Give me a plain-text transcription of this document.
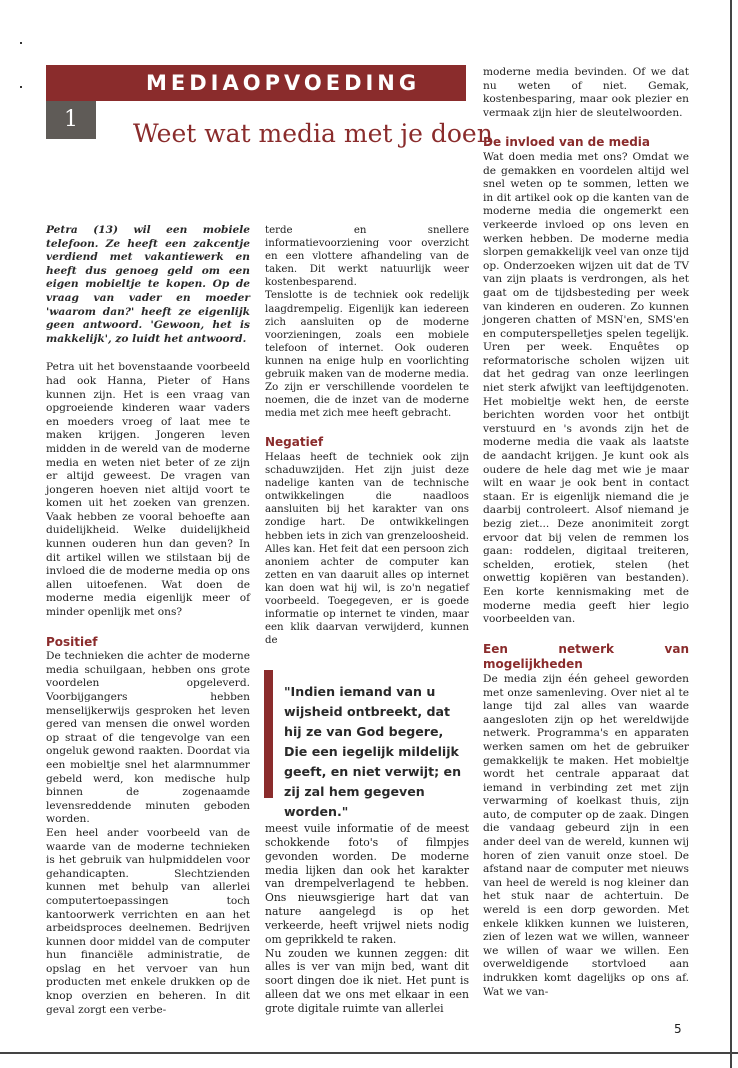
MEDIAOPVOEDING
1	Weet wat media met je doen

Petra (13) wil een mobiele telefoon. Ze heeft een zakcentje verdiend met vakantiewerk en heeft dus genoeg geld om een eigen mobieltje te kopen. Op de vraag van vader en moeder 'waarom dan?' heeft ze eigenlijk geen antwoord. 'Gewoon, het is makkelijk', zo luidt het antwoord.

Petra uit het bovenstaande voorbeeld had ook Hanna, Pieter of Hans kunnen zijn. Het is een vraag van opgroeiende kinderen waar vaders en moeders vroeg of laat mee te maken krijgen. Jongeren leven midden in de wereld van de moderne media en weten niet beter of ze zijn er altijd geweest. De vragen van jongeren hoeven niet altijd voort te komen uit het zoeken van grenzen. Vaak hebben ze vooral behoefte aan duidelijkheid. Welke duidelijkheid kunnen ouderen hun dan geven? In dit artikel willen we stilstaan bij de invloed die de moderne media op ons allen uitoefenen. Wat doen de moderne media eigenlijk meer of minder openlijk met ons?

Positief

De technieken die achter de moderne media schuilgaan, hebben ons grote voordelen opgeleverd. Voorbijgangers hebben menselijkerwijs gesproken het leven gered van mensen die onwel worden op straat of die tengevolge van een ongeluk gewond raakten. Doordat via een mobieltje snel het alarmnummer gebeld werd, kon medische hulp binnen de zogenaamde levensreddende minuten geboden worden.

Een heel ander voorbeeld van de waarde van de moderne technieken is het gebruik van hulpmiddelen voor gehandicapten. Slechtzienden kunnen met behulp van allerlei computertoepassingen toch kantoorwerk verrichten en aan het arbeidsproces deelnemen. Bedrijven kunnen door middel van de computer hun financiële administratie, de opslag en het vervoer van hun producten met enkele drukken op de knop overzien en beheren. In dit geval zorgt een verbe-

terde en snellere informatievoorziening voor overzicht en een vlottere afhandeling van de taken. Dit werkt natuurlijk weer kostenbesparend.

Tenslotte is de techniek ook redelijk laagdrempelig. Eigenlijk kan iedereen zich aansluiten op de moderne voorzieningen, zoals een mobiele telefoon of internet. Ook ouderen kunnen na enige hulp en voorlichting gebruik maken van de moderne media. Zo zijn er verschillende voordelen te noemen, die de inzet van de moderne media met zich mee heeft gebracht.

Negatief

Helaas heeft de techniek ook zijn schaduwzijden. Het zijn juist deze nadelige kanten van de technische ontwikkelingen die naadloos aansluiten bij het karakter van ons zondige hart. De ontwikkelingen hebben iets in zich van grenzeloosheid. Alles kan. Het feit dat een persoon zich anoniem achter de computer kan zetten en van daaruit alles op internet kan doen wat hij wil, is zo'n negatief voorbeeld. Toegegeven, er is goede informatie op internet te vinden, maar een klik daarvan verwijderd, kunnen de

"Indien iemand van u wijsheid ontbreekt, dat hij ze van God begere, Die een iegelijk mildelijk geeft, en niet verwijt; en zij zal hem gegeven worden."

meest vuile informatie of de meest schokkende foto's of filmpjes gevonden worden. De moderne media lijken dan ook het karakter van drempelverlagend te hebben. Ons nieuwsgierige hart dat van nature aangelegd is op het verkeerde, heeft vrijwel niets nodig om geprikkeld te raken.

Nu zouden we kunnen zeggen: dit alles is ver van mijn bed, want dit soort dingen doe ik niet. Het punt is alleen dat we ons met elkaar in een grote digitale ruimte van allerlei

moderne media bevinden. Of we dat nu weten of niet. Gemak, kostenbesparing, maar ook plezier en vermaak zijn hier de sleutelwoorden.

De invloed van de media

Wat doen media met ons? Omdat we de gemakken en voordelen altijd wel snel weten op te sommen, letten we in dit artikel ook op die kanten van de moderne media die ongemerkt een verkeerde invloed op ons leven en werken hebben. De moderne media slorpen gemakkelijk veel van onze tijd op. Onderzoeken wijzen uit dat de TV van zijn plaats is verdrongen, als het gaat om de tijdsbesteding per week van kinderen en ouderen. Zo kunnen jongeren chatten of MSN'en, SMS'en en computerspelletjes spelen tegelijk. Uren per week. Enquêtes op reformatorische scholen wijzen uit dat het gedrag van onze leerlingen niet sterk afwijkt van leeftijdgenoten. Het mobieltje wekt hen, de eerste berichten worden voor het ontbijt verstuurd en 's avonds zijn het de moderne media die vaak als laatste de aandacht krijgen. Je kunt ook als oudere de hele dag met wie je maar wilt en waar je ook bent in contact staan. Er is eigenlijk niemand die je daarbij controleert. Alsof niemand je bezig ziet... Deze anonimiteit zorgt ervoor dat bij velen de remmen los gaan: roddelen, digitaal treiteren, schelden, erotiek, stelen (het onwettig kopiëren van bestanden). Een korte kennismaking met de moderne media geeft hier legio voorbeelden van.

Een netwerk van mogelijkheden

De media zijn één geheel geworden met onze samenleving. Over niet al te lange tijd zal alles van waarde aangesloten zijn op het wereldwijde netwerk. Programma's en apparaten werken samen om het de gebruiker gemakkelijk te maken. Het mobieltje wordt het centrale apparaat dat iemand in verbinding zet met zijn verwarming of koelkast thuis, zijn auto, de computer op de zaak. Dingen die vandaag gebeurd zijn in een ander deel van de wereld, kunnen wij horen of zien vanuit onze stoel. De afstand naar de computer met nieuws van heel de wereld is nog kleiner dan het stuk naar de achtertuin. De wereld is een dorp geworden. Met enkele klikken kunnen we luisteren, zien of lezen wat we willen, wanneer we willen of waar we willen. Een overweldigende stortvloed aan indrukken komt dagelijks op ons af. Wat we van-

5
